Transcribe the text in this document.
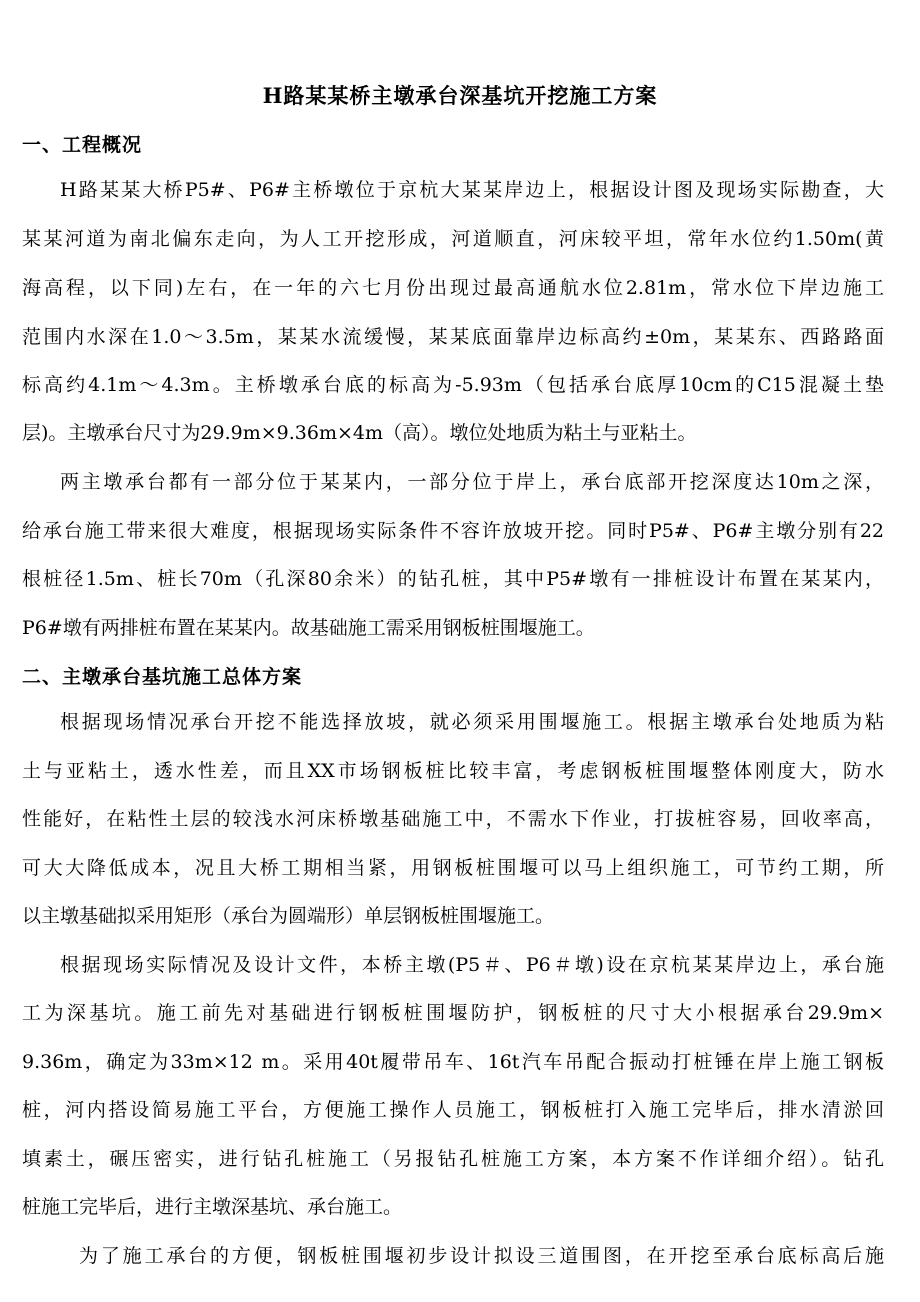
H路某某桥主墩承台深基坑开挖施工方案
一、工程概况
H路某某大桥P5#、P6#主桥墩位于京杭大某某岸边上，根据设计图及现场实际勘查，大
某某河道为南北偏东走向，为人工开挖形成，河道顺直，河床较平坦，常年水位约1.50m(黄
海高程，以下同)左右，在一年的六七月份出现过最高通航水位2.81m，常水位下岸边施工
范围内水深在1.0～3.5m，某某水流缓慢，某某底面靠岸边标高约±0m，某某东、西路路面
标高约4.1m～4.3m。主桥墩承台底的标高为-5.93m（包括承台底厚10cm的C15混凝土垫
层)。主墩承台尺寸为29.9m×9.36m×4m（高）。墩位处地质为粘土与亚粘土。
两主墩承台都有一部分位于某某内，一部分位于岸上，承台底部开挖深度达10m之深，
给承台施工带来很大难度，根据现场实际条件不容许放坡开挖。同时P5#、P6#主墩分别有22
根桩径1.5m、桩长70m（孔深80余米）的钻孔桩，其中P5#墩有一排桩设计布置在某某内，
P6#墩有两排桩布置在某某内。故基础施工需采用钢板桩围堰施工。
二、主墩承台基坑施工总体方案
根据现场情况承台开挖不能选择放坡，就必须采用围堰施工。根据主墩承台处地质为粘
土与亚粘土，透水性差，而且XX市场钢板桩比较丰富，考虑钢板桩围堰整体刚度大，防水
性能好，在粘性土层的较浅水河床桥墩基础施工中，不需水下作业，打拔桩容易，回收率高，
可大大降低成本，况且大桥工期相当紧，用钢板桩围堰可以马上组织施工，可节约工期，所
以主墩基础拟采用矩形（承台为圆端形）单层钢板桩围堰施工。
根据现场实际情况及设计文件，本桥主墩(P5＃、P6＃墩)设在京杭某某岸边上，承台施
工为深基坑。施工前先对基础进行钢板桩围堰防护，钢板桩的尺寸大小根据承台29.9m×
9.36m，确定为33m×12 m。采用40t履带吊车、16t汽车吊配合振动打桩锤在岸上施工钢板
桩，河内搭设简易施工平台，方便施工操作人员施工，钢板桩打入施工完毕后，排水清淤回
填素土，碾压密实，进行钻孔桩施工（另报钻孔桩施工方案，本方案不作详细介绍）。钻孔
桩施工完毕后，进行主墩深基坑、承台施工。
为了施工承台的方便，钢板桩围堰初步设计拟设三道围图，在开挖至承台底标高后施
